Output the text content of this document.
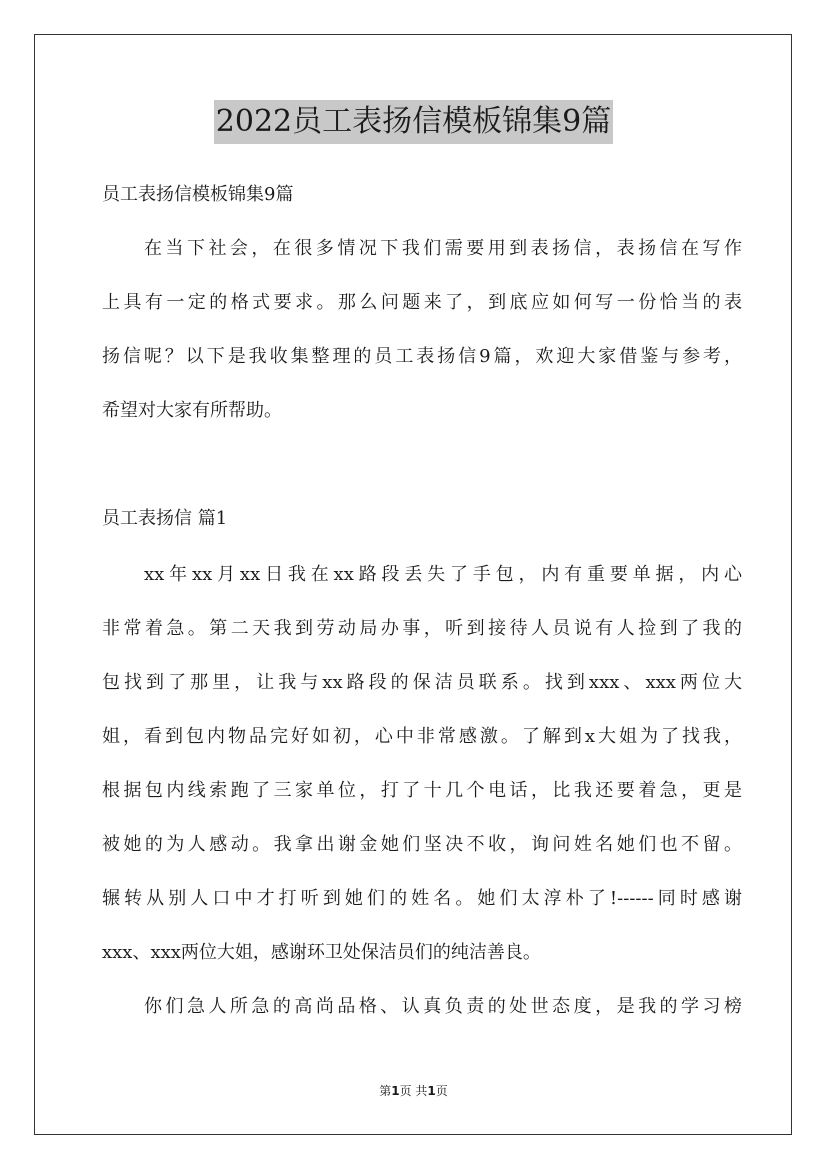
2022员工表扬信模板锦集9篇
员工表扬信模板锦集9篇
在当下社会，在很多情况下我们需要用到表扬信，表扬信在写作
上具有一定的格式要求。那么问题来了，到底应如何写一份恰当的表
扬信呢？以下是我收集整理的员工表扬信9篇，欢迎大家借鉴与参考，
希望对大家有所帮助。
员工表扬信 篇1
xx年xx月xx日我在xx路段丢失了手包，内有重要单据，内心
非常着急。第二天我到劳动局办事，听到接待人员说有人捡到了我的
包找到了那里，让我与xx路段的保洁员联系。找到xxx、xxx两位大
姐，看到包内物品完好如初，心中非常感激。了解到x大姐为了找我，
根据包内线索跑了三家单位，打了十几个电话，比我还要着急，更是
被她的为人感动。我拿出谢金她们坚决不收，询问姓名她们也不留。
辗转从别人口中才打听到她们的姓名。她们太淳朴了!------同时感谢
xxx、xxx两位大姐，感谢环卫处保洁员们的纯洁善良。
你们急人所急的高尚品格、认真负责的处世态度，是我的学习榜
第1页 共1页
